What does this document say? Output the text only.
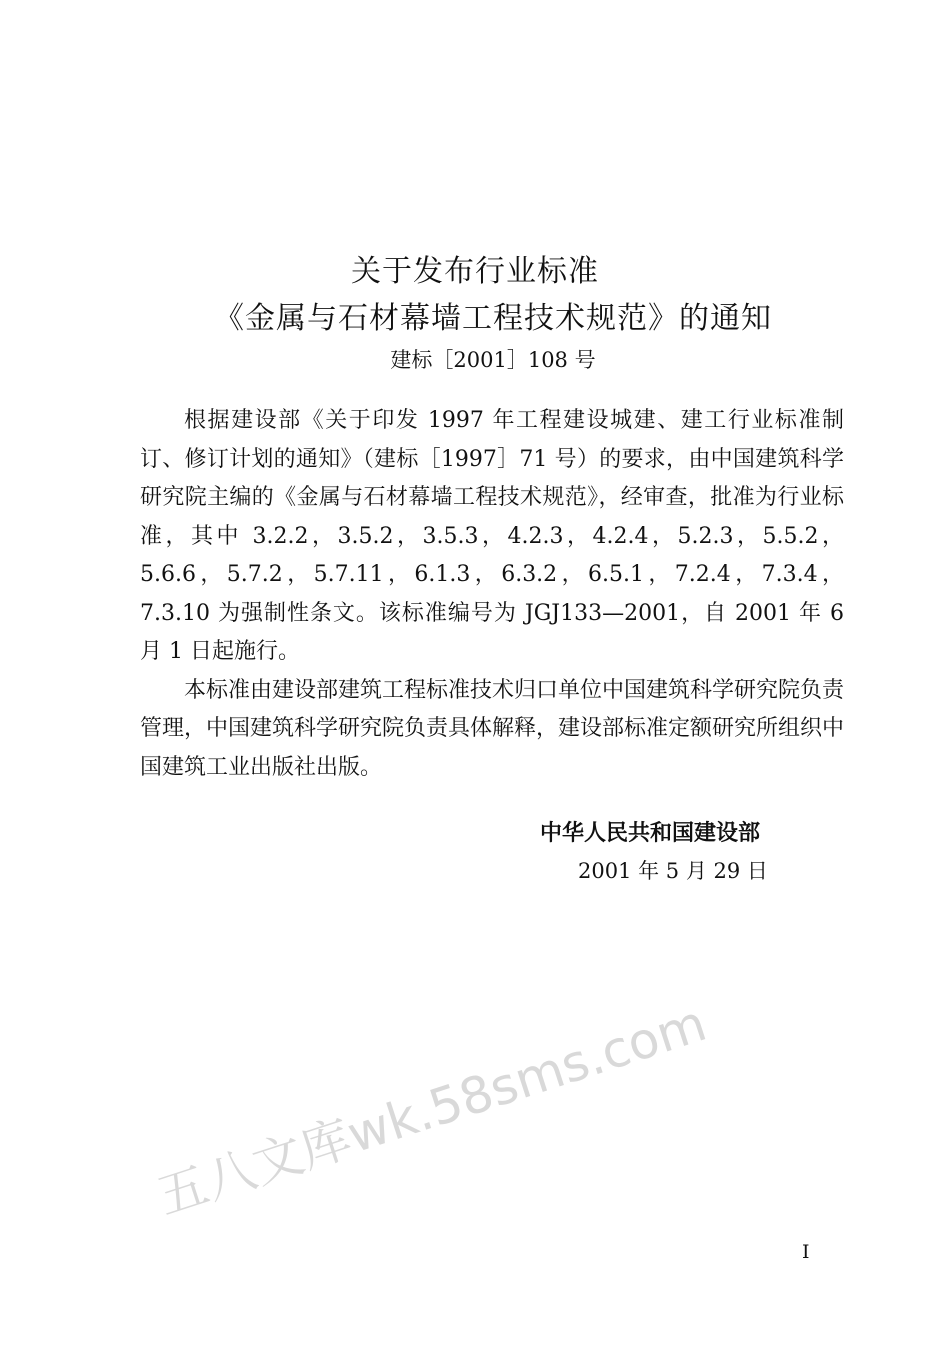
关于发布行业标准
《金属与石材幕墙工程技术规范》的通知
建标［2001］108 号

根据建设部《关于印发 1997 年工程建设城建、建工行业标准制订、修订计划的通知》（建标［1997］71 号）的要求，由中国建筑科学研究院主编的《金属与石材幕墙工程技术规范》，经审查，批准为行业标准，其中 3.2.2，3.5.2，3.5.3，4.2.3，4.2.4，5.2.3，5.5.2，5.6.6，5.7.2，5.7.11，6.1.3，6.3.2，6.5.1，7.2.4，7.3.4，7.3.10 为强制性条文。该标准编号为 JGJ133—2001，自 2001 年 6 月 1 日起施行。

本标准由建设部建筑工程标准技术归口单位中国建筑科学研究院负责管理，中国建筑科学研究院负责具体解释，建设部标准定额研究所组织中国建筑工业出版社出版。

中华人民共和国建设部
2001 年 5 月 29 日
五八文库wk.58sms.com
I
